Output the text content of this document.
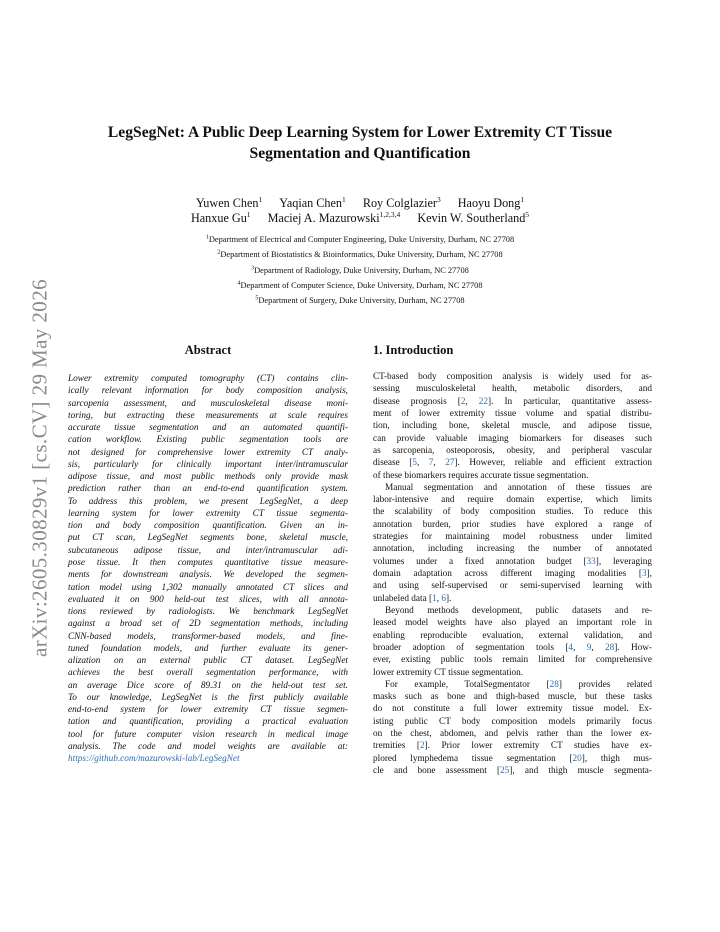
arXiv:2605.30829v1 [cs.CV] 29 May 2026
LegSegNet: A Public Deep Learning System for Lower Extremity CT Tissue
Segmentation and Quantification
Yuwen Chen$^1$ Yaqian Chen$^1$ Roy Colglazier$^3$ Haoyu Dong$^1$
Hanxue Gu$^1$ Maciej A. Mazurowski$^{1,2,3,4}$ Kevin W. Southerland$^5$
$^1$Department of Electrical and Computer Engineering, Duke University, Durham, NC 27708
$^2$Department of Biostatistics & Bioinformatics, Duke University, Durham, NC 27708
$^3$Department of Radiology, Duke University, Durham, NC 27708
$^4$Department of Computer Science, Duke University, Durham, NC 27708
$^5$Department of Surgery, Duke University, Durham, NC 27708
Abstract
Lower extremity computed tomography (CT) contains clin-
ically relevant information for body composition analysis,
sarcopenia assessment, and musculoskeletal disease moni-
toring, but extracting these measurements at scale requires
accurate tissue segmentation and an automated quantifi-
cation workflow. Existing public segmentation tools are
not designed for comprehensive lower extremity CT analy-
sis, particularly for clinically important inter/intramuscular
adipose tissue, and most public methods only provide mask
prediction rather than an end-to-end quantification system.
To address this problem, we present LegSegNet, a deep
learning system for lower extremity CT tissue segmenta-
tion and body composition quantification. Given an in-
put CT scan, LegSegNet segments bone, skeletal muscle,
subcutaneous adipose tissue, and inter/intramuscular adi-
pose tissue. It then computes quantitative tissue measure-
ments for downstream analysis. We developed the segmen-
tation model using 1,302 manually annotated CT slices and
evaluated it on 900 held-out test slices, with all annota-
tions reviewed by radiologists. We benchmark LegSegNet
against a broad set of 2D segmentation methods, including
CNN-based models, transformer-based models, and fine-
tuned foundation models, and further evaluate its gener-
alization on an external public CT dataset. LegSegNet
achieves the best overall segmentation performance, with
an average Dice score of 89.31 on the held-out test set.
To our knowledge, LegSegNet is the first publicly available
end-to-end system for lower extremity CT tissue segmen-
tation and quantification, providing a practical evaluation
tool for future computer vision research in medical image
analysis. The code and model weights are available at:
https://github.com/mazurowski-lab/LegSegNet
1. Introduction
CT-based body composition analysis is widely used for as-
sessing musculoskeletal health, metabolic disorders, and
disease prognosis [2, 22]. In particular, quantitative assess-
ment of lower extremity tissue volume and spatial distribu-
tion, including bone, skeletal muscle, and adipose tissue,
can provide valuable imaging biomarkers for diseases such
as sarcopenia, osteoporosis, obesity, and peripheral vascular
disease [5, 7, 27]. However, reliable and efficient extraction
of these biomarkers requires accurate tissue segmentation.
Manual segmentation and annotation of these tissues are
labor-intensive and require domain expertise, which limits
the scalability of body composition studies. To reduce this
annotation burden, prior studies have explored a range of
strategies for maintaining model robustness under limited
annotation, including increasing the number of annotated
volumes under a fixed annotation budget [33], leveraging
domain adaptation across different imaging modalities [3],
and using self-supervised or semi-supervised learning with
unlabeled data [1, 6].
Beyond methods development, public datasets and re-
leased model weights have also played an important role in
enabling reproducible evaluation, external validation, and
broader adoption of segmentation tools [4, 9, 28]. How-
ever, existing public tools remain limited for comprehensive
lower extremity CT tissue segmentation.
For example, TotalSegmentator [28] provides related
masks such as bone and thigh-based muscle, but these tasks
do not constitute a full lower extremity tissue model. Ex-
isting public CT body composition models primarily focus
on the chest, abdomen, and pelvis rather than the lower ex-
tremities [2]. Prior lower extremity CT studies have ex-
plored lymphedema tissue segmentation [20], thigh mus-
cle and bone assessment [25], and thigh muscle segmenta-
